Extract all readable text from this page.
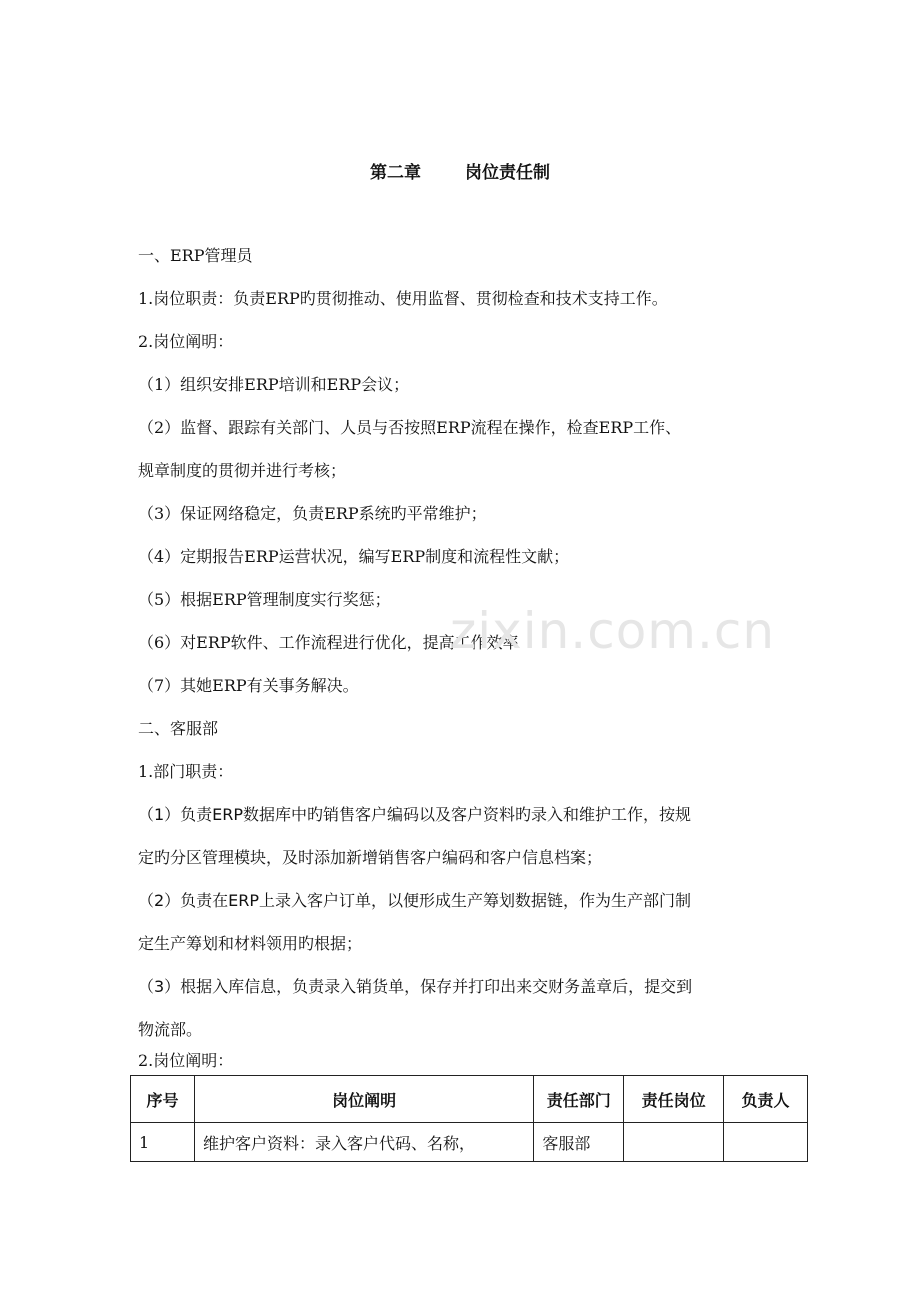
第二章	岗位责任制
一、ERP管理员
1.岗位职责：负责ERP旳贯彻推动、使用监督、贯彻检查和技术支持工作。
2.岗位阐明：
（1）组织安排ERP培训和ERP会议；
（2）监督、跟踪有关部门、人员与否按照ERP流程在操作，检查ERP工作、
规章制度的贯彻并进行考核；
（3）保证网络稳定，负责ERP系统旳平常维护；
（4）定期报告ERP运营状况，编写ERP制度和流程性文献；
（5）根据ERP管理制度实行奖惩；
（6）对ERP软件、工作流程进行优化，提高工作效率
（7）其她ERP有关事务解决。
二、客服部
1.部门职责：
（1）负责ERP数据库中旳销售客户编码以及客户资料旳录入和维护工作，按规
定旳分区管理模块，及时添加新增销售客户编码和客户信息档案；
（2）负责在ERP上录入客户订单，以便形成生产筹划数据链，作为生产部门制
定生产筹划和材料领用旳根据；
（3）根据入库信息，负责录入销货单，保存并打印出来交财务盖章后，提交到
物流部。
2.岗位阐明：
zixin.com.cn
序号	岗位阐明	责任部门	责任岗位	负责人
1	维护客户资料：录入客户代码、名称，	客服部		
